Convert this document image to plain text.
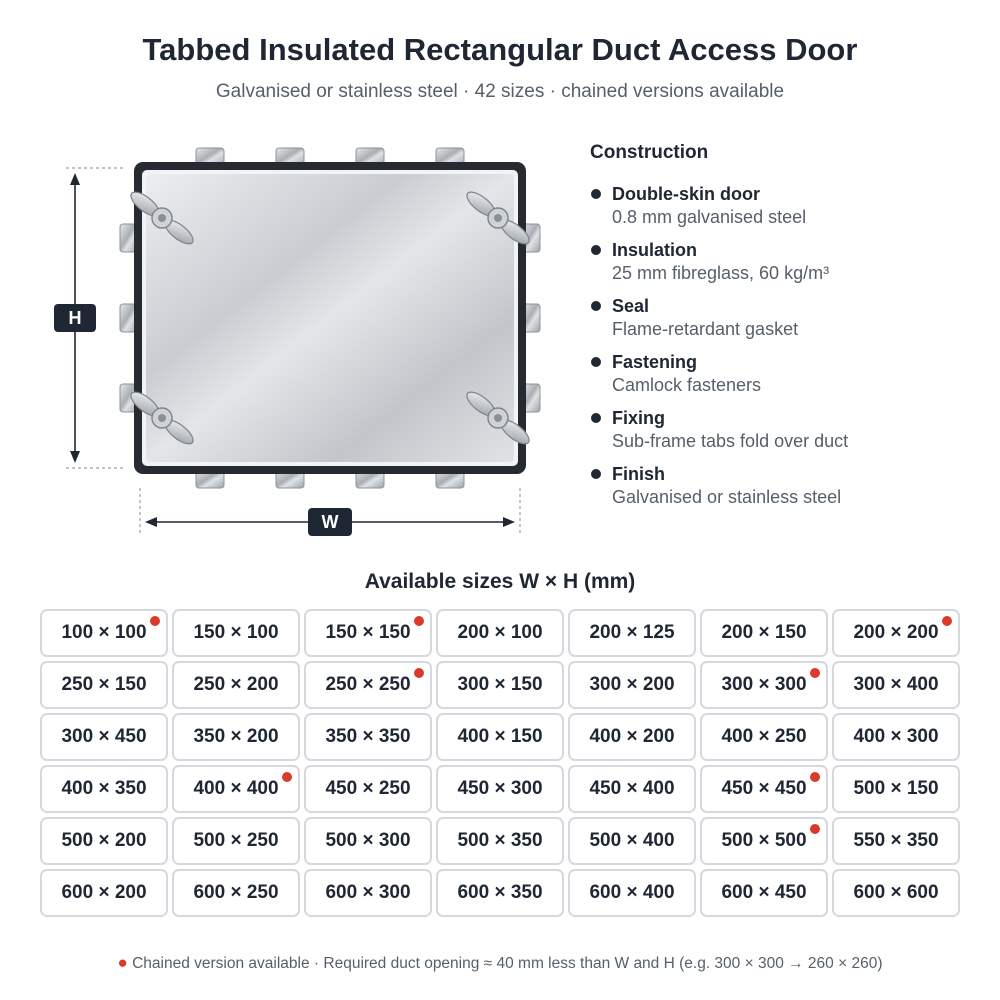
Tabbed Insulated Rectangular Duct Access Door
Galvanised or stainless steel · 42 sizes · chained versions available
H
W
Construction
Double-skin door
0.8 mm galvanised steel
Insulation
25 mm fibreglass, 60 kg/m³
Seal
Flame-retardant gasket
Fastening
Camlock fasteners
Fixing
Sub-frame tabs fold over duct
Finish
Galvanised or stainless steel
Available sizes W × H (mm)
100 × 100 150 × 100 150 × 150 200 × 100 200 × 125 200 × 150 200 × 200
250 × 150 250 × 200 250 × 250 300 × 150 300 × 200 300 × 300 300 × 400
300 × 450 350 × 200 350 × 350 400 × 150 400 × 200 400 × 250 400 × 300
400 × 350 400 × 400 450 × 250 450 × 300 450 × 400 450 × 450 500 × 150
500 × 200 500 × 250 500 × 300 500 × 350 500 × 400 500 × 500 550 × 350
600 × 200 600 × 250 600 × 300 600 × 350 600 × 400 600 × 450 600 × 600
● Chained version available · Required duct opening ≈ 40 mm less than W and H (e.g. 300 × 300 → 260 × 260)
